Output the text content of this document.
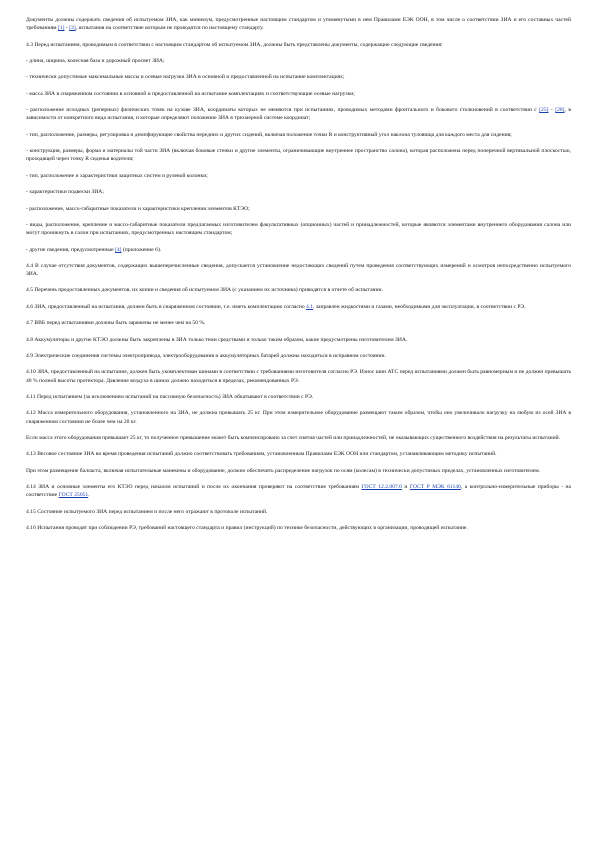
Документы должны содержать сведения об испытуемом ЗИА, как минимум, предусмотренные настоящим стандартом и упомянутыми в нем Правилами ЕЭК ООН, в том числе о соответствии ЗИА и его составных частей требованиям [1] - [3], испытания на соответствие которым не проводятся по настоящему стандарту.

4.3 Перед испытанием, проводимым в соответствии с настоящим стандартом об испытуемом ЗИА, должны быть представлены документы, содержащие следующие сведения:

- длина, ширина, колесная база и дорожный просвет ЗИА;

- технически допустимые максимальные массы и осевые нагрузки ЗИА в основной и предоставленной на испытание комплектациях;

- масса ЗИА в снаряженном состоянии в основной и предоставленной на испытание комплектациях и соответствующие осевые нагрузки;

- расположение исходных (реперных) физических точек на кузове ЗИА, координаты которых не меняются при испытаниях, проводимых методами фронтального и бокового столкновений в соответствии с [25] - [28], в зависимости от конкретного вида испытания, и которые определяют положение ЗИА в трехмерной системе координат;

- тип, расположение, размеры, регулировка и демпфирующие свойства передних и других сидений, включая положение точки R и конструктивный угол наклона туловища для каждого места для сидения;

- конструкция, размеры, форма и материалы той части ЗИА (включая боковые стенки и другие элементы, ограничивающие внутреннее пространство салона), которая расположена перед поперечной вертикальной плоскостью, проходящей через точку R сиденья водителя;

- тип, расположение и характеристики защитных систем и рулевой колонки;

- характеристики подвески ЗИА;

- расположение, массо-габаритные показатели и характеристики крепления элементов КТЭО;

- виды, расположение, крепление и массо-габаритные показатели предлагаемых изготовителем факультативных (опционных) частей и принадлежностей, которые являются элементами внутреннего оборудования салона или могут проникнуть в салон при испытаниях, предусмотренных настоящим стандартом;

- другие сведения, предусмотренные [4] (приложение 6).

4.4 В случае отсутствия документов, содержащих вышеперечисленные сведения, допускается установление недостающих сведений путем проведения соответствующих измерений и осмотров непосредственно испытуемого ЗИА.

4.5 Перечень предоставленных документов, их копии и сведения об испытуемом ЗИА (с указанием их источника) приводятся в отчете об испытании.

4.6 ЗИА, предоставленный на испытания, должен быть в снаряженном состоянии, т.е. иметь комплектацию согласно 4.1, заправлен жидкостями и газами, необходимыми для эксплуатации, в соответствии с РЭ.

4.7 ВВБ перед испытаниями должны быть заряжены не менее чем на 50 %.

4.8 Аккумуляторы и другие КТЭО должны быть закреплены в ЗИА только теми средствами и только таким образом, какие предусмотрены изготовителем ЗИА.

4.9 Электрические соединения системы электропривода, электрооборудования и аккумуляторных батарей должны находиться в исправном состоянии.

4.10 ЗИА, предоставленный на испытание, должен быть укомплектован шинами в соответствии с требованиями изготовителя согласно РЭ. Износ шин АТС перед испытаниями должен быть равномерным и не должен превышать 40 % полной высоты протектора. Давление воздуха в шинах должно находиться в пределах, рекомендованных РЭ.

4.11 Перед испытанием (за исключением испытаний на пассивную безопасность) ЗИА обкатывают в соответствии с РЭ.

4.12 Масса измерительного оборудования, установленного на ЗИА, не должна превышать 25 кг. При этом измерительное оборудование размещают таким образом, чтобы оно увеличивало нагрузку на любую из осей ЗИА в снаряженном состоянии не более чем на 20 кг.

Если масса этого оборудования превышает 25 кг, то полученное превышение может быть компенсировано за счет снятия частей или принадлежностей, не оказывающих существенного воздействия на результаты испытаний.

4.13 Весовое состояние ЗИА во время проведения испытаний должно соответствовать требованиям, установленным Правилами ЕЭК ООН или стандартом, устанавливающим методику испытаний.

При этом размещение балласта, включая испытательные манекены и оборудование, должно обеспечить распределение нагрузок по осям (колесам) в технически допустимых пределах, установленных изготовителем.

4.14 ЗИА и основные элементы его КТЭО перед началом испытаний и после их окончания проверяют на соответствие требованиям ГОСТ 12.2.007.0 и ГОСТ Р МЭК 61140, а контрольно-измерительные приборы - на соответствие ГОСТ 25051.

4.15 Состояние испытуемого ЗИА перед испытанием и после него отражают в протоколе испытаний.

4.16 Испытания проводят при соблюдении РЭ, требований настоящего стандарта и правил (инструкций) по технике безопасности, действующих в организации, проводящей испытание.
